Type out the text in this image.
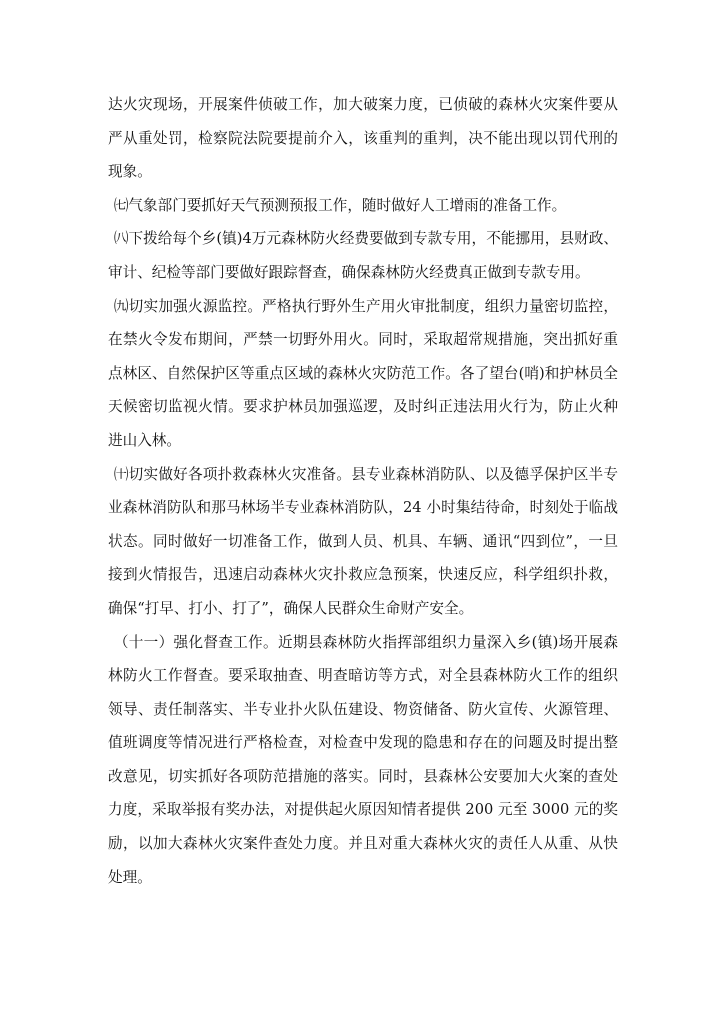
达火灾现场，开展案件侦破工作，加大破案力度，已侦破的森林火灾案件要从严从重处罚，检察院法院要提前介入，该重判的重判，决不能出现以罚代刑的现象。

㈦气象部门要抓好天气预测预报工作，随时做好人工增雨的准备工作。

㈧下拨给每个乡(镇)4万元森林防火经费要做到专款专用，不能挪用，县财政、审计、纪检等部门要做好跟踪督查，确保森林防火经费真正做到专款专用。

㈨切实加强火源监控。严格执行野外生产用火审批制度，组织力量密切监控，在禁火令发布期间，严禁一切野外用火。同时，采取超常规措施，突出抓好重点林区、自然保护区等重点区域的森林火灾防范工作。各了望台(哨)和护林员全天候密切监视火情。要求护林员加强巡逻，及时纠正违法用火行为，防止火种进山入林。

㈩切实做好各项扑救森林火灾准备。县专业森林消防队、以及德孚保护区半专业森林消防队和那马林场半专业森林消防队，24 小时集结待命，时刻处于临战状态。同时做好一切准备工作，做到人员、机具、车辆、通讯“四到位”，一旦接到火情报告，迅速启动森林火灾扑救应急预案，快速反应，科学组织扑救，确保“打早、打小、打了”，确保人民群众生命财产安全。

（十一）强化督查工作。近期县森林防火指挥部组织力量深入乡(镇)场开展森林防火工作督查。要采取抽查、明查暗访等方式，对全县森林防火工作的组织领导、责任制落实、半专业扑火队伍建设、物资储备、防火宣传、火源管理、值班调度等情况进行严格检查，对检查中发现的隐患和存在的问题及时提出整改意见，切实抓好各项防范措施的落实。同时，县森林公安要加大火案的查处力度，采取举报有奖办法，对提供起火原因知情者提供 200 元至 3000 元的奖励，以加大森林火灾案件查处力度。并且对重大森林火灾的责任人从重、从快处理。
